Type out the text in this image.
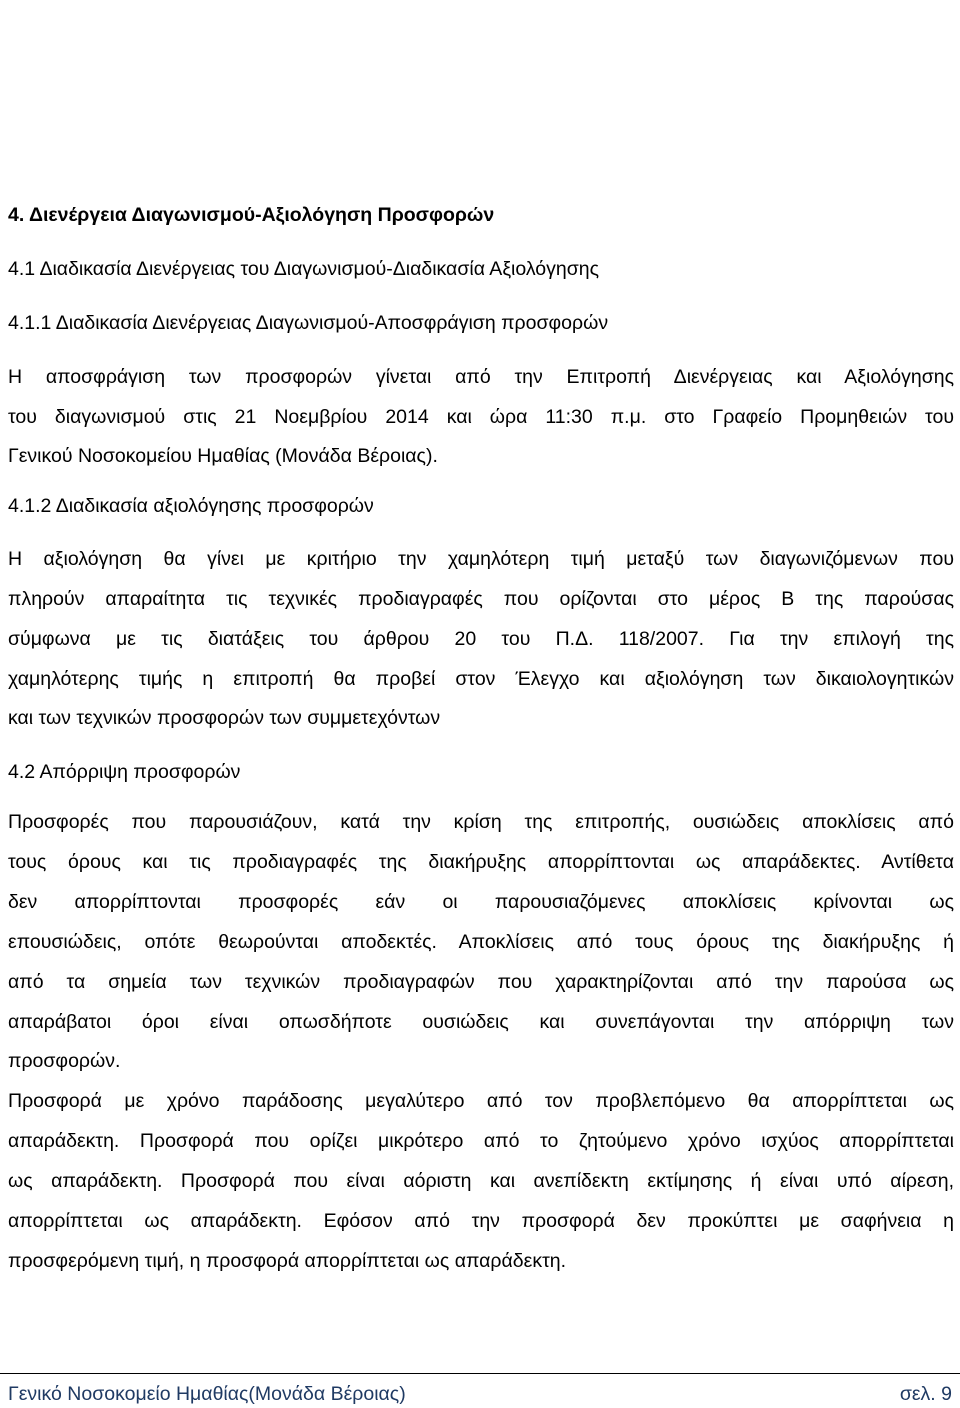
4. Διενέργεια Διαγωνισμού-Αξιολόγηση Προσφορών
4.1 Διαδικασία Διενέργειας του Διαγωνισμού-Διαδικασία Αξιολόγησης
4.1.1 Διαδικασία Διενέργειας Διαγωνισμού-Αποσφράγιση προσφορών
Η αποσφράγιση των προσφορών γίνεται από την Επιτροπή Διενέργειας και Αξιολόγησης
του διαγωνισμού στις 21 Νοεμβρίου 2014 και ώρα 11:30 π.μ. στο Γραφείο Προμηθειών του
Γενικού Νοσοκομείου Ημαθίας (Μονάδα Βέροιας).
4.1.2 Διαδικασία αξιολόγησης προσφορών
Η αξιολόγηση θα γίνει με κριτήριο την χαμηλότερη τιμή μεταξύ των διαγωνιζόμενων που
πληρούν απαραίτητα τις τεχνικές προδιαγραφές που ορίζονται στο μέρος Β της παρούσας
σύμφωνα με τις διατάξεις του άρθρου 20 του Π.Δ. 118/2007. Για την επιλογή της
χαμηλότερης τιμής η επιτροπή θα προβεί στον Έλεγχο και αξιολόγηση των δικαιολογητικών
και των τεχνικών προσφορών των συμμετεχόντων
4.2 Απόρριψη προσφορών
Προσφορές που παρουσιάζουν, κατά την κρίση της επιτροπής, ουσιώδεις αποκλίσεις από
τους όρους και τις προδιαγραφές της διακήρυξης απορρίπτονται ως απαράδεκτες. Αντίθετα
δεν απορρίπτονται προσφορές εάν οι παρουσιαζόμενες αποκλίσεις κρίνονται ως
επουσιώδεις, οπότε θεωρούνται αποδεκτές. Αποκλίσεις από τους όρους της διακήρυξης ή
από τα σημεία των τεχνικών προδιαγραφών που χαρακτηρίζονται από την παρούσα ως
απαράβατοι όροι είναι οπωσδήποτε ουσιώδεις και συνεπάγονται την απόρριψη των
προσφορών.
Προσφορά με χρόνο παράδοσης μεγαλύτερο από τον προβλεπόμενο θα απορρίπτεται ως
απαράδεκτη. Προσφορά που ορίζει μικρότερο από το ζητούμενο χρόνο ισχύος απορρίπτεται
ως απαράδεκτη. Προσφορά που είναι αόριστη και ανεπίδεκτη εκτίμησης ή είναι υπό αίρεση,
απορρίπτεται ως απαράδεκτη. Εφόσον από την προσφορά δεν προκύπτει με σαφήνεια η
προσφερόμενη τιμή, η προσφορά απορρίπτεται ως απαράδεκτη.
Γενικό Νοσοκομείο Ημαθίας(Μονάδα Βέροιας)	σελ. 9
